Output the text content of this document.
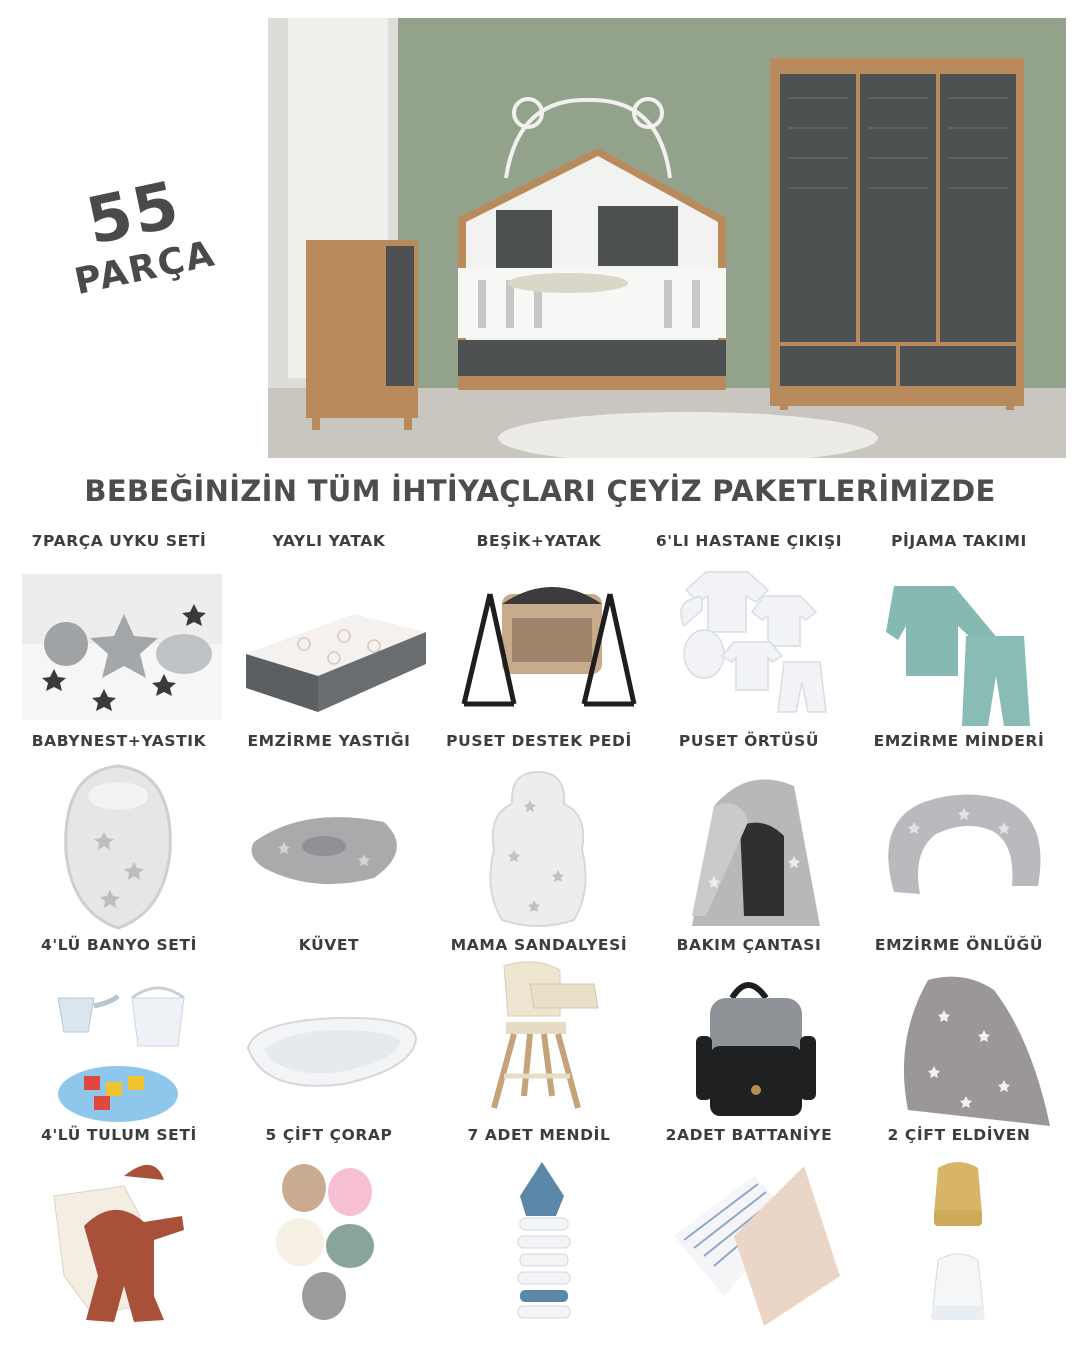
55
PARÇA
BEBEĞİNİZİN TÜM İHTİYAÇLARI ÇEYİZ PAKETLERİMİZDE
7PARÇA UYKU SETİ	YAYLI YATAK	BEŞİK+YATAK	6'LI HASTANE ÇIKIŞI	PİJAMA TAKIMI
BABYNEST+YASTIK	EMZİRME YASTIĞI	PUSET DESTEK PEDİ	PUSET ÖRTÜSÜ	EMZİRME MİNDERİ
4'LÜ BANYO SETİ	KÜVET	MAMA SANDALYESİ	BAKIM ÇANTASI	EMZİRME ÖNLÜĞÜ
4'LÜ TULUM SETİ	5 ÇİFT ÇORAP	7 ADET MENDİL	2ADET BATTANİYE	2 ÇİFT ELDİVEN
